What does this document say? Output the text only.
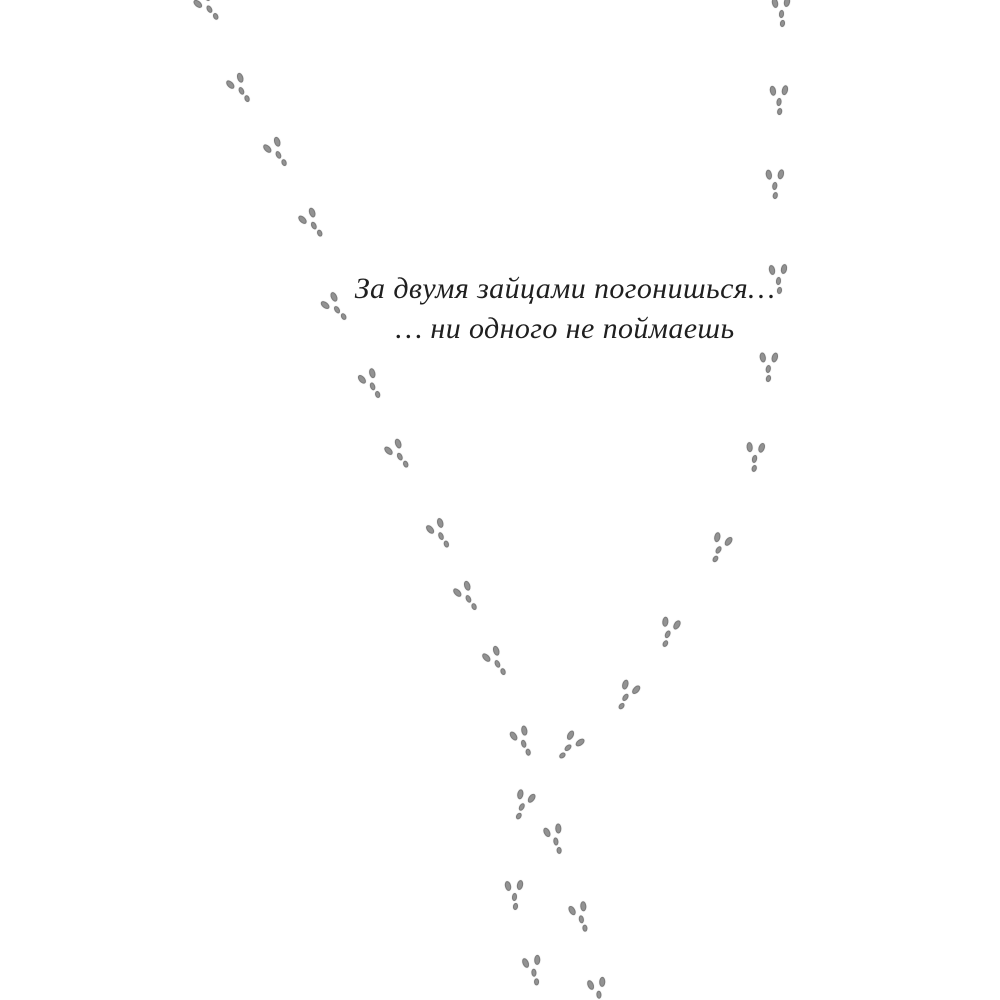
За двумя зайцами погонишься…
… ни одного не поймаешь
